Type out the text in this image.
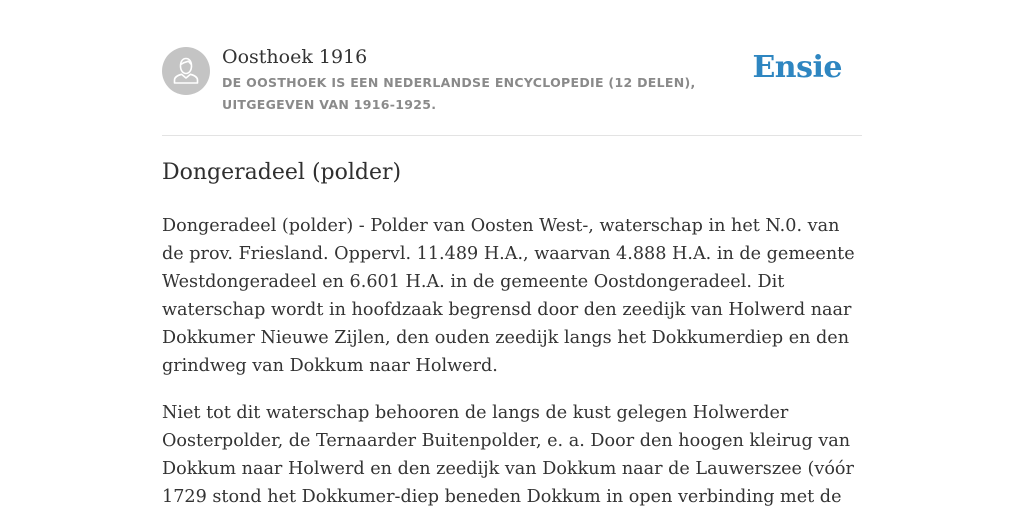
Oosthoek 1916
DE OOSTHOEK IS EEN NEDERLANDSE ENCYCLOPEDIE (12 DELEN), UITGEGEVEN VAN 1916-1925.
Ensie
Dongeradeel (polder)

Dongeradeel (polder) - Polder van Oosten West-, waterschap in het N.0. van de prov. Friesland. Oppervl. 11.489 H.A., waarvan 4.888 H.A. in de gemeente Westdongeradeel en 6.601 H.A. in de gemeente Oostdongeradeel. Dit waterschap wordt in hoofdzaak begrensd door den zeedijk van Holwerd naar Dokkumer Nieuwe Zijlen, den ouden zeedijk langs het Dokkumerdiep en den grindweg van Dokkum naar Holwerd.

Niet tot dit waterschap behooren de langs de kust gelegen Holwerder Oosterpolder, de Ternaarder Buitenpolder, e. a. Door den hoogen kleirug van Dokkum naar Holwerd en den zeedijk van Dokkum naar de Lauwerszee (vóór 1729 stond het Dokkumer-diep beneden Dokkum in open verbinding met de
